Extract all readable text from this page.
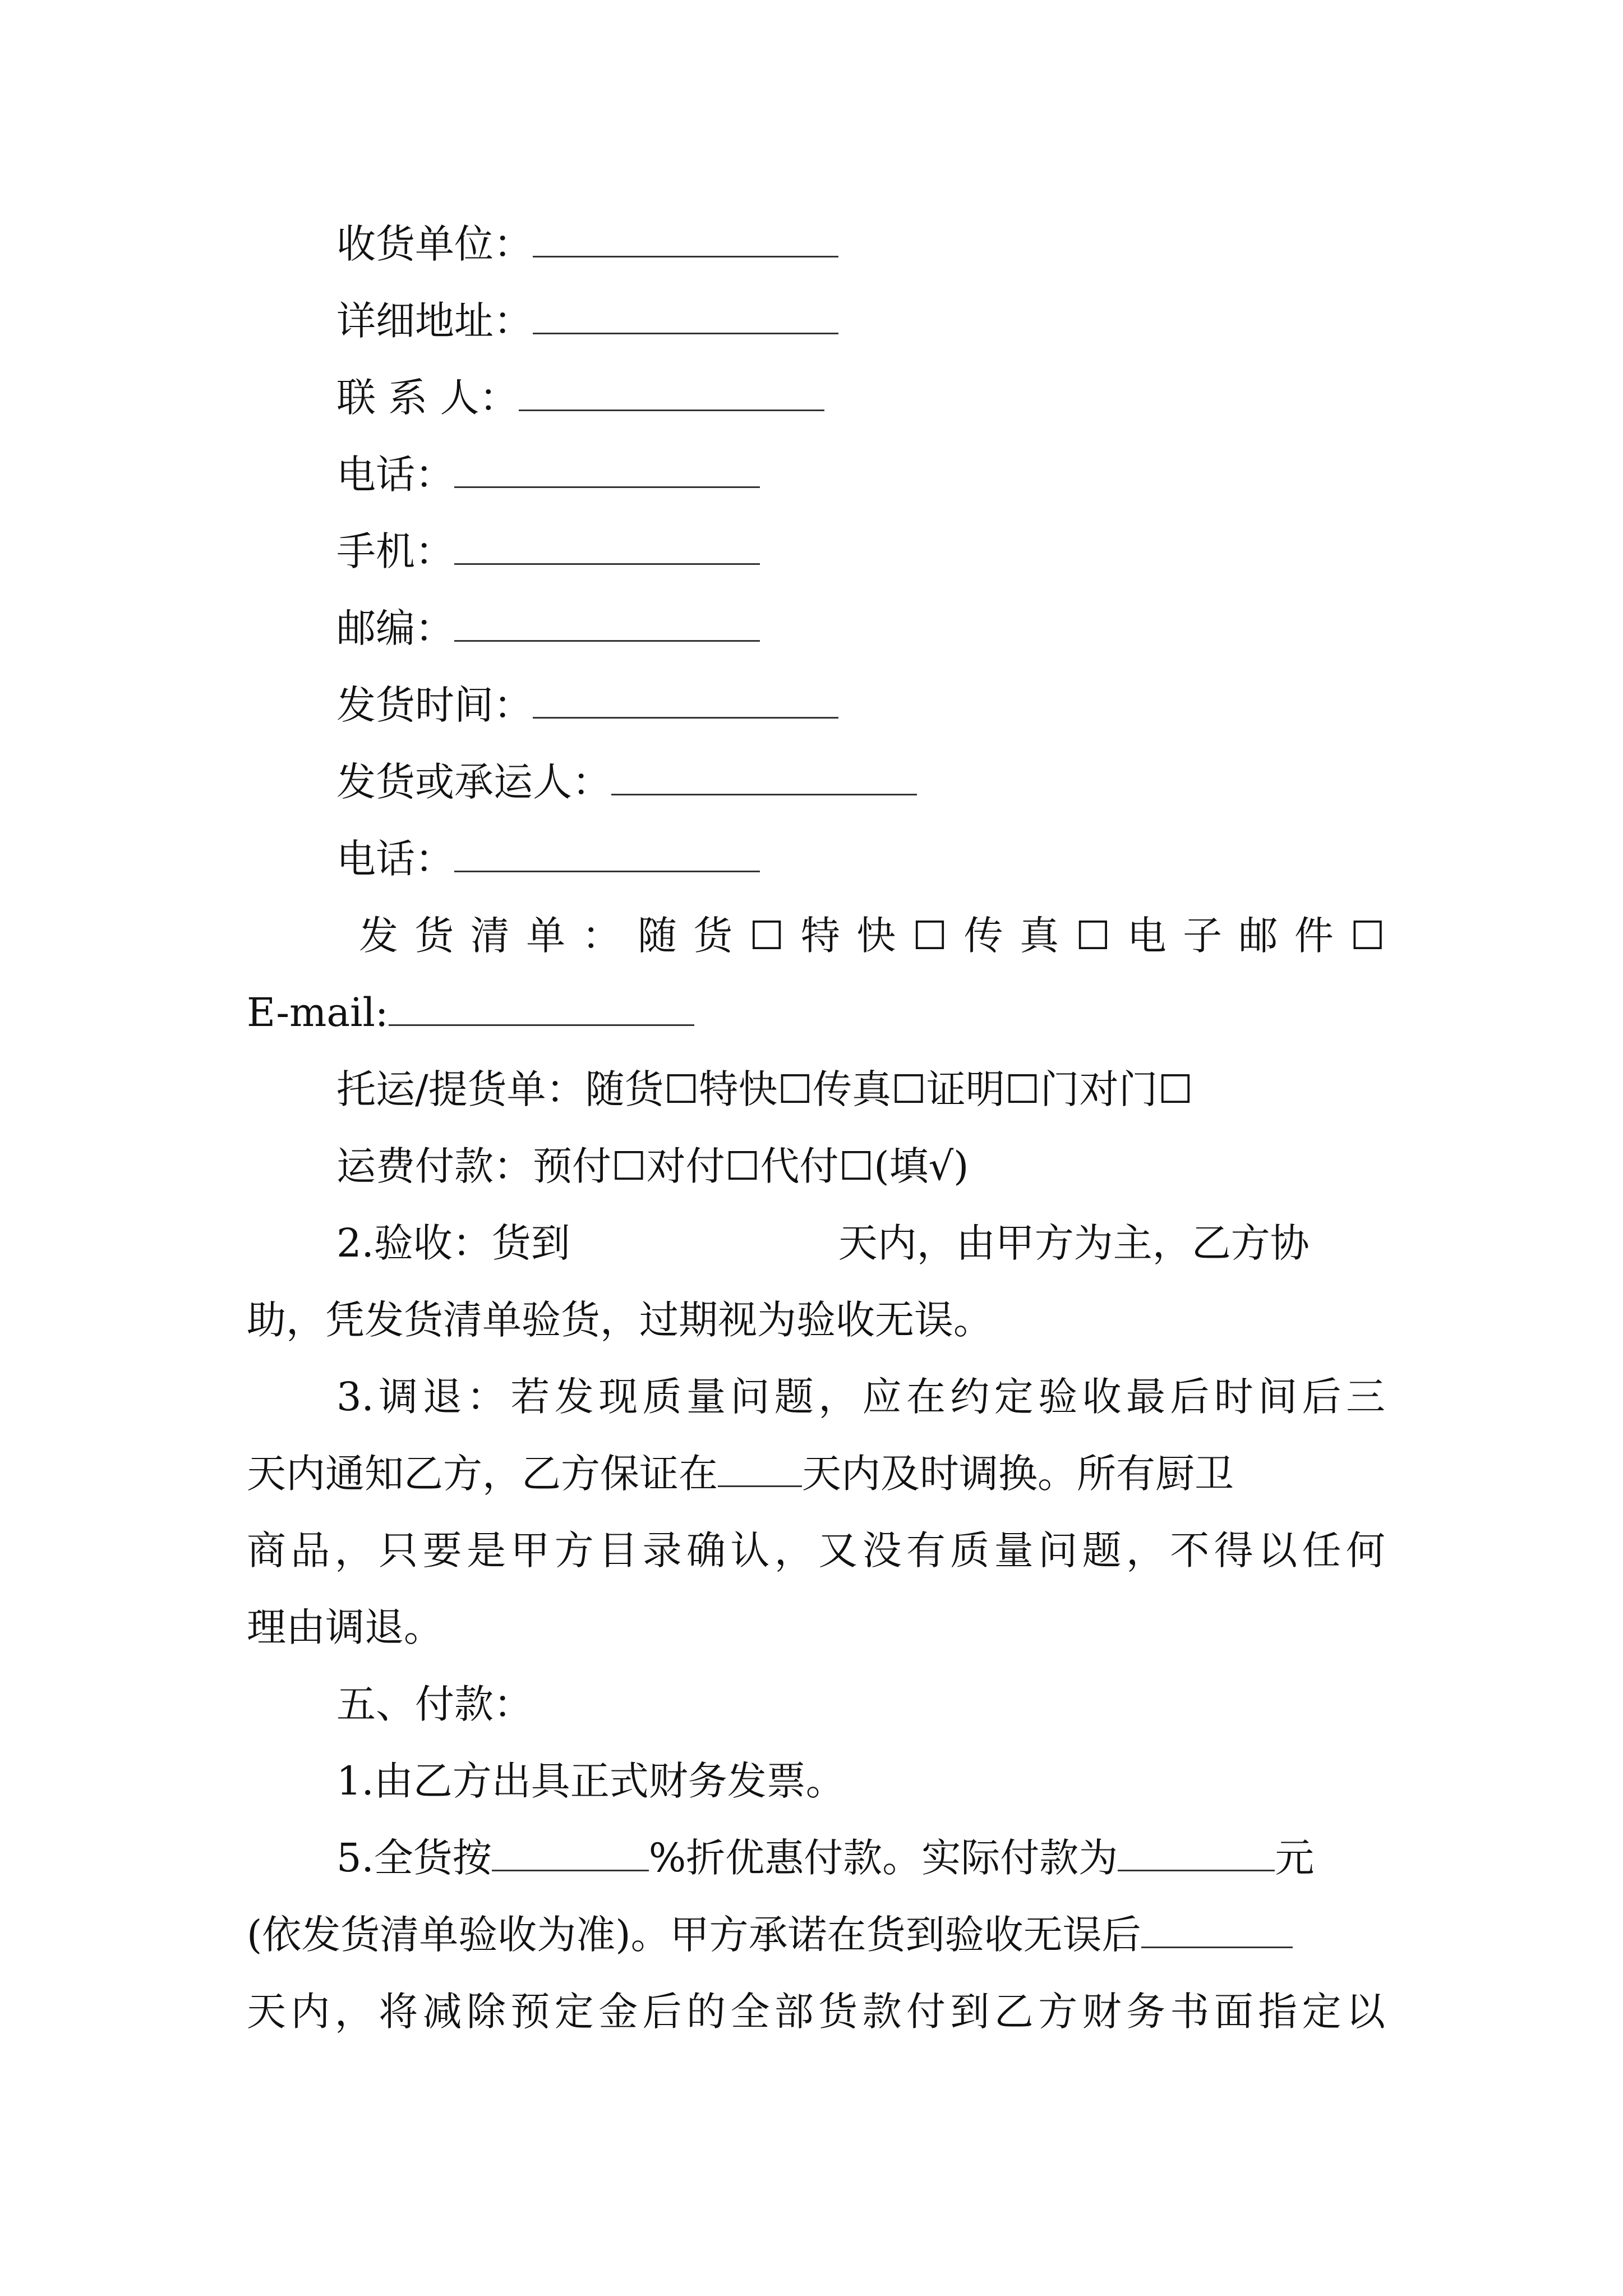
收货单位：
详细地址：
联 系 人：
电话：
手机：
邮编：
发货时间：
发货或承运人：
电话：
发货清单：随货☐特快☐传真☐电子邮件☐
E-mail:
托运/提货单：随货☐特快☐传真☐证明☐门对门☐
运费付款：预付☐对付☐代付☐(填√)
2.验收：货到	天内，由甲方为主，乙方协
助，凭发货清单验货，过期视为验收无误。
3.调退：若发现质量问题，应在约定验收最后时间后三
天内通知乙方，乙方保证在 天内及时调换。所有厨卫
商品，只要是甲方目录确认，又没有质量问题，不得以任何
理由调退。
五、付款：
1.由乙方出具正式财务发票。
5.全货按	%折优惠付款。实际付款为	元
(依发货清单验收为准)。甲方承诺在货到验收无误后
天内，将减除预定金后的全部货款付到乙方财务书面指定以
